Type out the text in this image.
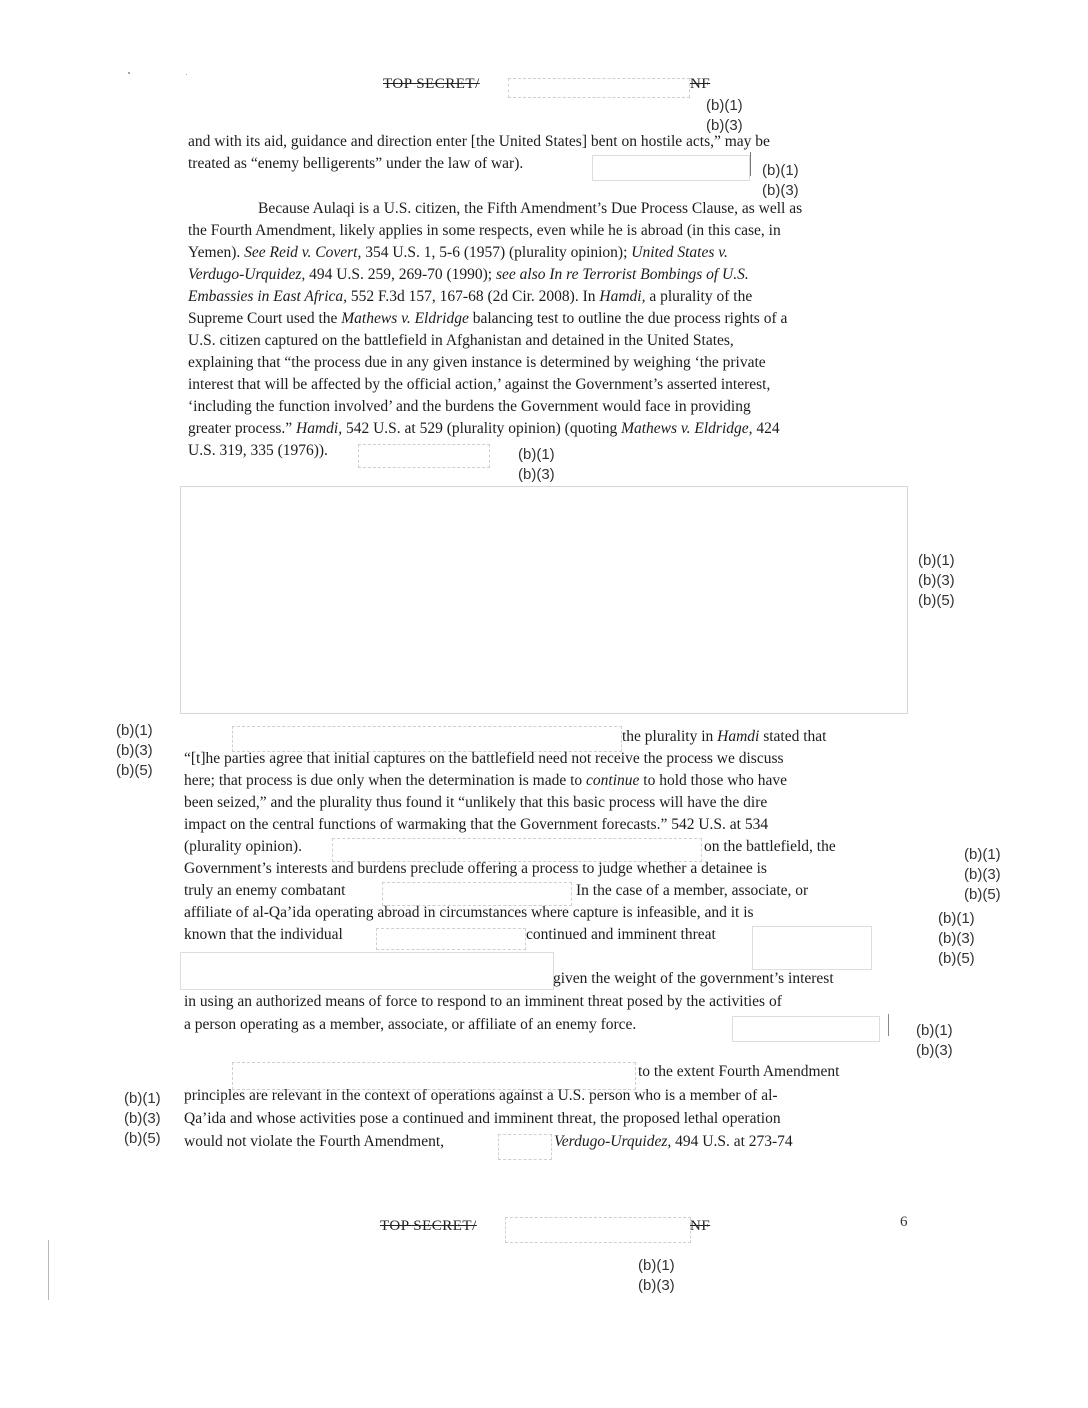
TOP SECRET/	NF
(b)(1)
(b)(3)
and with its aid, guidance and direction enter [the United States] bent on hostile acts,” may be
treated as “enemy belligerents” under the law of war).	(b)(1)
(b)(3)
Because Aulaqi is a U.S. citizen, the Fifth Amendment’s Due Process Clause, as well as
the Fourth Amendment, likely applies in some respects, even while he is abroad (in this case, in
Yemen). See Reid v. Covert, 354 U.S. 1, 5-6 (1957) (plurality opinion); United States v.
Verdugo-Urquidez, 494 U.S. 259, 269-70 (1990); see also In re Terrorist Bombings of U.S.
Embassies in East Africa, 552 F.3d 157, 167-68 (2d Cir. 2008). In Hamdi, a plurality of the
Supreme Court used the Mathews v. Eldridge balancing test to outline the due process rights of a
U.S. citizen captured on the battlefield in Afghanistan and detained in the United States,
explaining that “the process due in any given instance is determined by weighing ‘the private
interest that will be affected by the official action,’ against the Government’s asserted interest,
‘including the function involved’ and the burdens the Government would face in providing
greater process.” Hamdi, 542 U.S. at 529 (plurality opinion) (quoting Mathews v. Eldridge, 424
U.S. 319, 335 (1976)).	(b)(1)
(b)(3)
(b)(1)
(b)(3)
(b)(5)
(b)(1)
(b)(3)
(b)(5)
the plurality in Hamdi stated that
“[t]he parties agree that initial captures on the battlefield need not receive the process we discuss
here; that process is due only when the determination is made to continue to hold those who have
been seized,” and the plurality thus found it “unlikely that this basic process will have the dire
impact on the central functions of warmaking that the Government forecasts.” 542 U.S. at 534
(plurality opinion).	on the battlefield, the
Government’s interests and burdens preclude offering a process to judge whether a detainee is
truly an enemy combatant	In the case of a member, associate, or
affiliate of al-Qa’ida operating abroad in circumstances where capture is infeasible, and it is
known that the individual	continued and imminent threat
given the weight of the government’s interest
in using an authorized means of force to respond to an imminent threat posed by the activities of
a person operating as a member, associate, or affiliate of an enemy force.
(b)(1)
(b)(3)
(b)(5)
(b)(1)
(b)(3)
(b)(5)
(b)(1)
(b)(3)
to the extent Fourth Amendment
(b)(1)
(b)(3)
(b)(5)
principles are relevant in the context of operations against a U.S. person who is a member of al-
Qa’ida and whose activities pose a continued and imminent threat, the proposed lethal operation
would not violate the Fourth Amendment,	Verdugo-Urquidez, 494 U.S. at 273-74
TOP SECRET/	NF	6
(b)(1)
(b)(3)
